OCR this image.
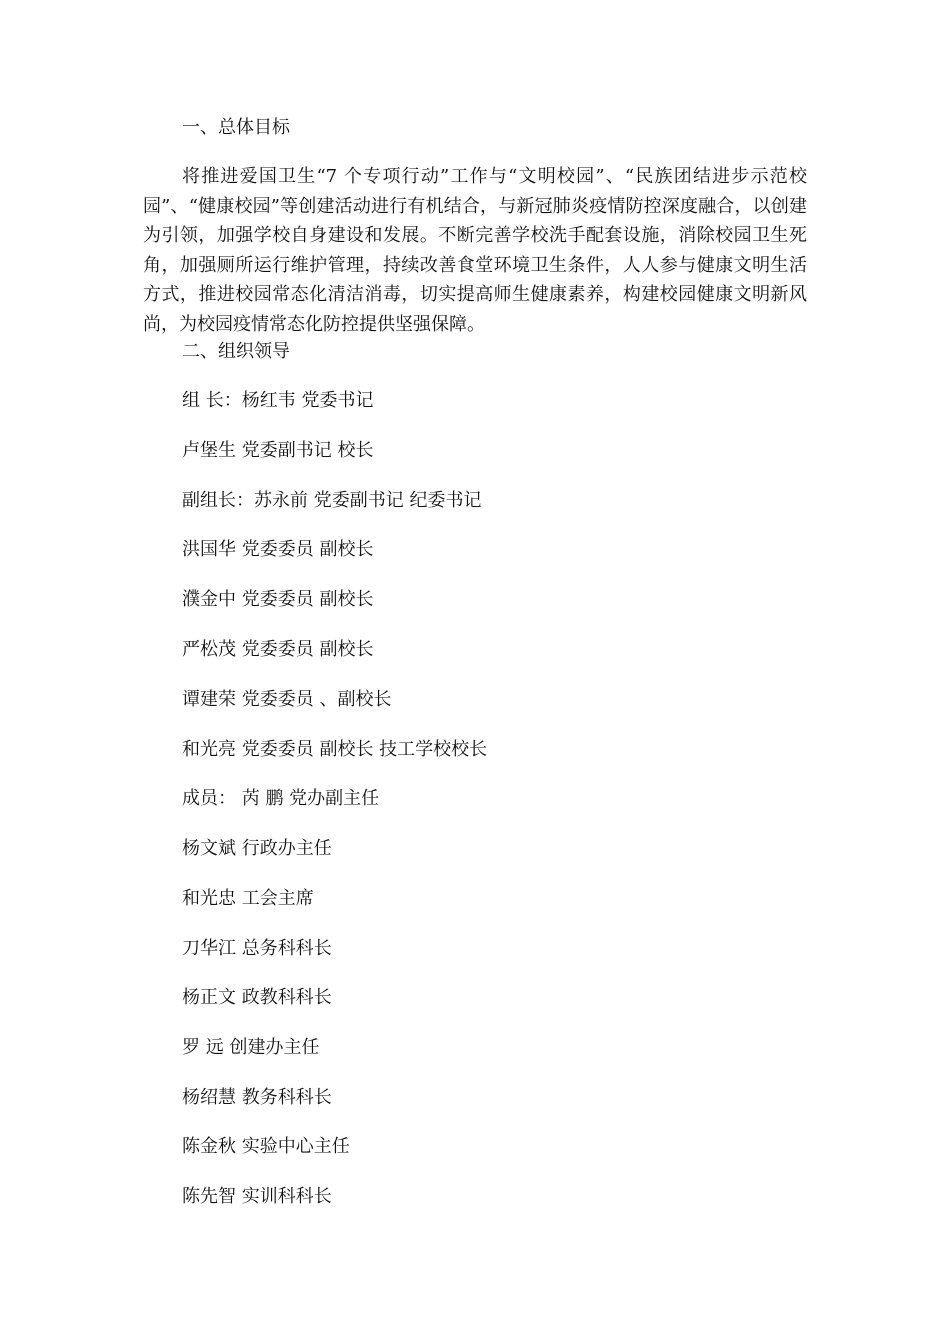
一、总体目标

将推进爱国卫生“7 个专项行动”工作与“文明校园”、“民族团结进步示范校园”、“健康校园”等创建活动进行有机结合，与新冠肺炎疫情防控深度融合，以创建为引领，加强学校自身建设和发展。不断完善学校洗手配套设施，消除校园卫生死角，加强厕所运行维护管理，持续改善食堂环境卫生条件，人人参与健康文明生活方式，推进校园常态化清洁消毒，切实提高师生健康素养，构建校园健康文明新风尚，为校园疫情常态化防控提供坚强保障。

二、组织领导
组 长：杨红韦 党委书记
卢堡生 党委副书记 校长
副组长：苏永前 党委副书记 纪委书记
洪国华 党委委员 副校长
濮金中 党委委员 副校长
严松茂 党委委员 副校长
谭建荣 党委委员 、副校长
和光亮 党委委员 副校长 技工学校校长
成员： 芮 鹏 党办副主任
杨文斌 行政办主任
和光忠 工会主席
刀华江 总务科科长
杨正文 政教科科长
罗 远 创建办主任
杨绍慧 教务科科长
陈金秋 实验中心主任
陈先智 实训科科长
